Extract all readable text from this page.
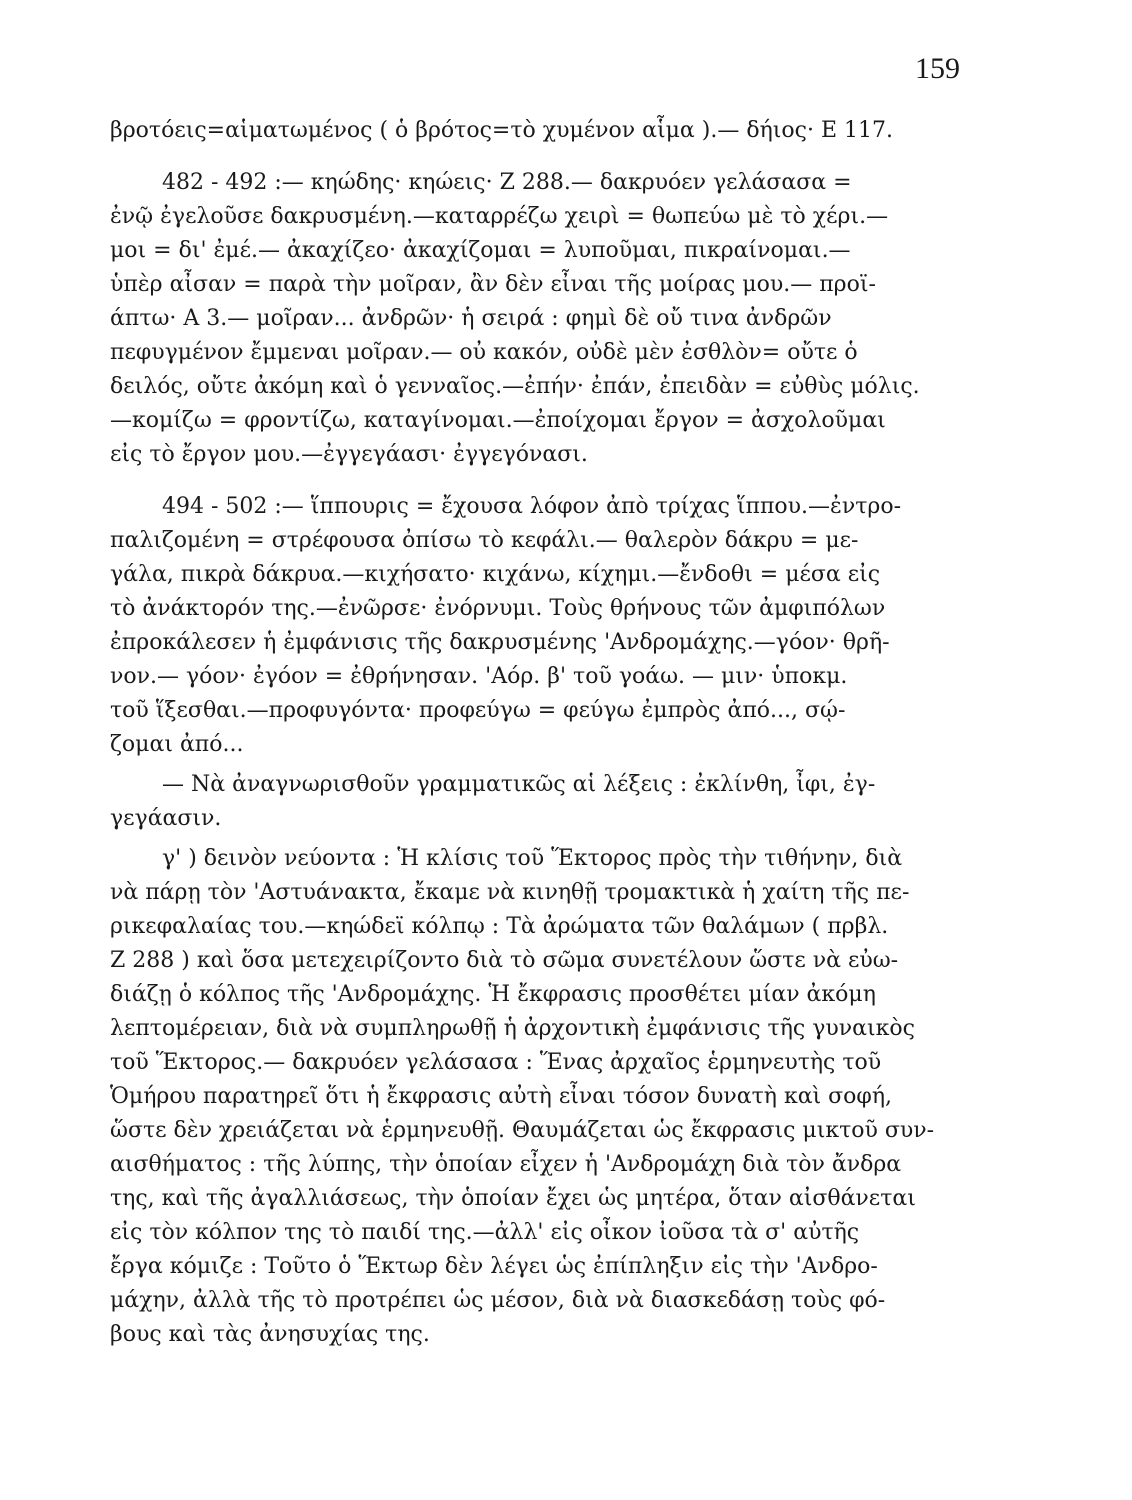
159
βροτόεις=αἱματωμένος ( ὁ βρότος=τὸ χυμένον αἷμα ).— δήιος· Ε 117.
482 - 492 :— κηώδης· κηώεις· Ζ 288.— δακρυόεν γελάσασα =
ἐνῷ ἐγελοῦσε δακρυσμένη.—καταρρέζω χειρὶ = θωπεύω μὲ τὸ χέρι.—
μοι = δι' ἐμέ.— ἀκαχίζεο· ἀκαχίζομαι = λυποῦμαι, πικραίνομαι.—
ὑπὲρ αἶσαν = παρὰ τὴν μοῖραν, ἂν δὲν εἶναι τῆς μοίρας μου.— προϊ-
άπτω· Α 3.— μοῖραν... ἀνδρῶν· ἡ σειρά : φημὶ δὲ οὔ τινα ἀνδρῶν
πεφυγμένον ἔμμεναι μοῖραν.— οὐ κακόν, οὐδὲ μὲν ἐσθλὸν= οὔτε ὁ
δειλός, οὔτε ἀκόμη καὶ ὁ γενναῖος.—ἐπήν· ἐπάν, ἐπειδὰν = εὐθὺς μόλις.
—κομίζω = φροντίζω, καταγίνομαι.—ἐποίχομαι ἔργον = ἀσχολοῦμαι
εἰς τὸ ἔργον μου.—ἐγγεγάασι· ἐγγεγόνασι.
494 - 502 :— ἵππουρις = ἔχουσα λόφον ἀπὸ τρίχας ἵππου.—ἐντρο-
παλιζομένη = στρέφουσα ὀπίσω τὸ κεφάλι.— θαλερὸν δάκρυ = με-
γάλα, πικρὰ δάκρυα.—κιχήσατο· κιχάνω, κίχημι.—ἔνδοθι = μέσα εἰς
τὸ ἀνάκτορόν της.—ἐνῶρσε· ἐνόρνυμι. Τοὺς θρήνους τῶν ἀμφιπόλων
ἐπροκάλεσεν ἡ ἐμφάνισις τῆς δακρυσμένης 'Ανδρομάχης.—γόον· θρῆ-
νον.— γόον· ἐγόον = ἐθρήνησαν. 'Αόρ. β' τοῦ γοάω. — μιν· ὑποκμ.
τοῦ ἵξεσθαι.—προφυγόντα· προφεύγω = φεύγω ἐμπρὸς ἀπό..., σῴ-
ζομαι ἀπό...
— Νὰ ἀναγνωρισθοῦν γραμματικῶς αἱ λέξεις : ἐκλίνθη, ἶφι, ἐγ-
γεγάασιν.
γ' ) δεινὸν νεύοντα : Ἡ κλίσις τοῦ Ἕκτορος πρὸς τὴν τιθήνην, διὰ
νὰ πάρῃ τὸν 'Αστυάνακτα, ἔκαμε νὰ κινηθῇ τρομακτικὰ ἡ χαίτη τῆς πε-
ρικεφαλαίας του.—κηώδεϊ κόλπῳ : Τὰ ἀρώματα τῶν θαλάμων ( πρβλ.
Ζ 288 ) καὶ ὅσα μετεχειρίζοντο διὰ τὸ σῶμα συνετέλουν ὥστε νὰ εὐω-
διάζῃ ὁ κόλπος τῆς 'Ανδρομάχης. Ἡ ἔκφρασις προσθέτει μίαν ἀκόμη
λεπτομέρειαν, διὰ νὰ συμπληρωθῇ ἡ ἀρχοντικὴ ἐμφάνισις τῆς γυναικὸς
τοῦ Ἕκτορος.— δακρυόεν γελάσασα : Ἕνας ἀρχαῖος ἑρμηνευτὴς τοῦ
Ὁμήρου παρατηρεῖ ὅτι ἡ ἔκφρασις αὐτὴ εἶναι τόσον δυνατὴ καὶ σοφή,
ὥστε δὲν χρειάζεται νὰ ἑρμηνευθῇ. Θαυμάζεται ὡς ἔκφρασις μικτοῦ συν-
αισθήματος : τῆς λύπης, τὴν ὁποίαν εἶχεν ἡ 'Ανδρομάχη διὰ τὸν ἄνδρα
της, καὶ τῆς ἀγαλλιάσεως, τὴν ὁποίαν ἔχει ὡς μητέρα, ὅταν αἰσθάνεται
εἰς τὸν κόλπον της τὸ παιδί της.—ἀλλ' εἰς οἶκον ἰοῦσα τὰ σ' αὐτῆς
ἔργα κόμιζε : Τοῦτο ὁ Ἕκτωρ δὲν λέγει ὡς ἐπίπληξιν εἰς τὴν 'Ανδρο-
μάχην, ἀλλὰ τῆς τὸ προτρέπει ὡς μέσον, διὰ νὰ διασκεδάσῃ τοὺς φό-
βους καὶ τὰς ἀνησυχίας της.
